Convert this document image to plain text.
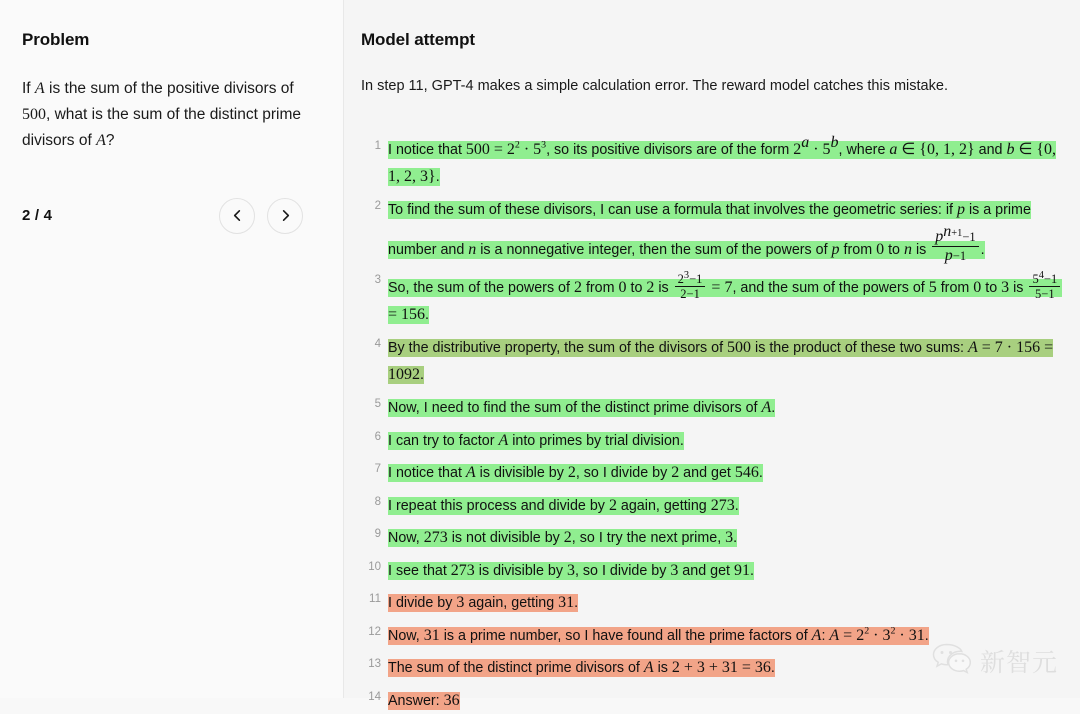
Problem

If A is the sum of the positive divisors of 500, what is the sum of the distinct prime divisors of A?

2 / 4
Model attempt

In step 11, GPT-4 makes a simple calculation error. The reward model catches this mistake.

1 I notice that $500 = 2^2 \cdot 5^3$, so its positive divisors are of the form $2^a \cdot 5^b$, where a ∈ {0, 1, 2} and b ∈ {0, 1, 2, 3}.
2 To find the sum of these divisors, I can use a formula that involves the geometric series: if p is a prime number and n is a nonnegative integer, then the sum of the powers of p from 0 to n is $\frac{p^{n+1}-1}{p-1}$ .
3 So, the sum of the powers of 2 from 0 to 2 is $\frac{2^3-1}{2-1} = 7$, and the sum of the powers of 5 from 0 to 3 is $\frac{5^4-1}{5-1}$
= 156.
4 By the distributive property, the sum of the divisors of 500 is the product of these two sums: A = 7 · 156 = 1092.
5 Now, I need to find the sum of the distinct prime divisors of A.
6 I can try to factor A into primes by trial division.
7 I notice that A is divisible by 2, so I divide by 2 and get 546.
8 I repeat this process and divide by 2 again, getting 273.
9 Now, 273 is not divisible by 2, so I try the next prime, 3.
10 I see that 273 is divisible by 3, so I divide by 3 and get 91.
11 I divide by 3 again, getting 31.
12 Now, 31 is a prime number, so I have found all the prime factors of A: $A = 2^2 \cdot 3^2 \cdot 31$.
13 The sum of the distinct prime divisors of A is 2 + 3 + 31 = 36.
14 Answer: 36
新智元
